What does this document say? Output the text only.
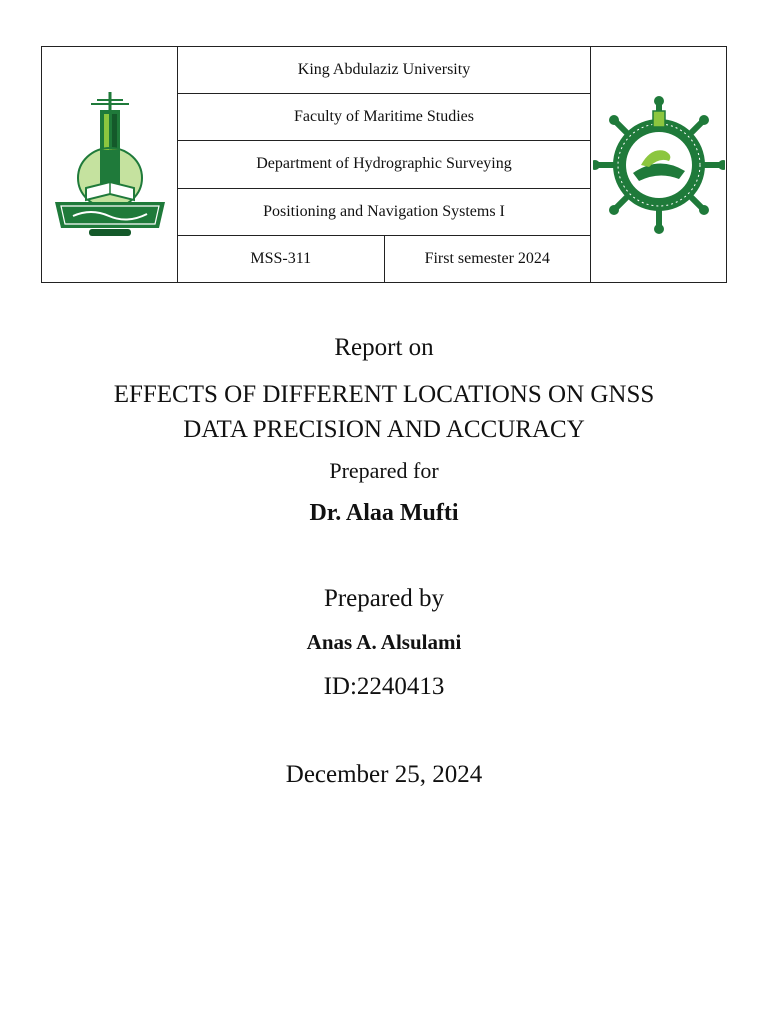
	King Abdulaziz University	

	Faculty of Maritime Studies		
	Department of Hydrographic Surveying		
	Positioning and Navigation Systems I		
	MSS-311	First semester 2024	
Report on
EFFECTS OF DIFFERENT LOCATIONS ON GNSS
DATA PRECISION AND ACCURACY
Prepared for
Dr. Alaa Mufti
Prepared by
Anas A. Alsulami
ID:2240413
December 25, 2024
